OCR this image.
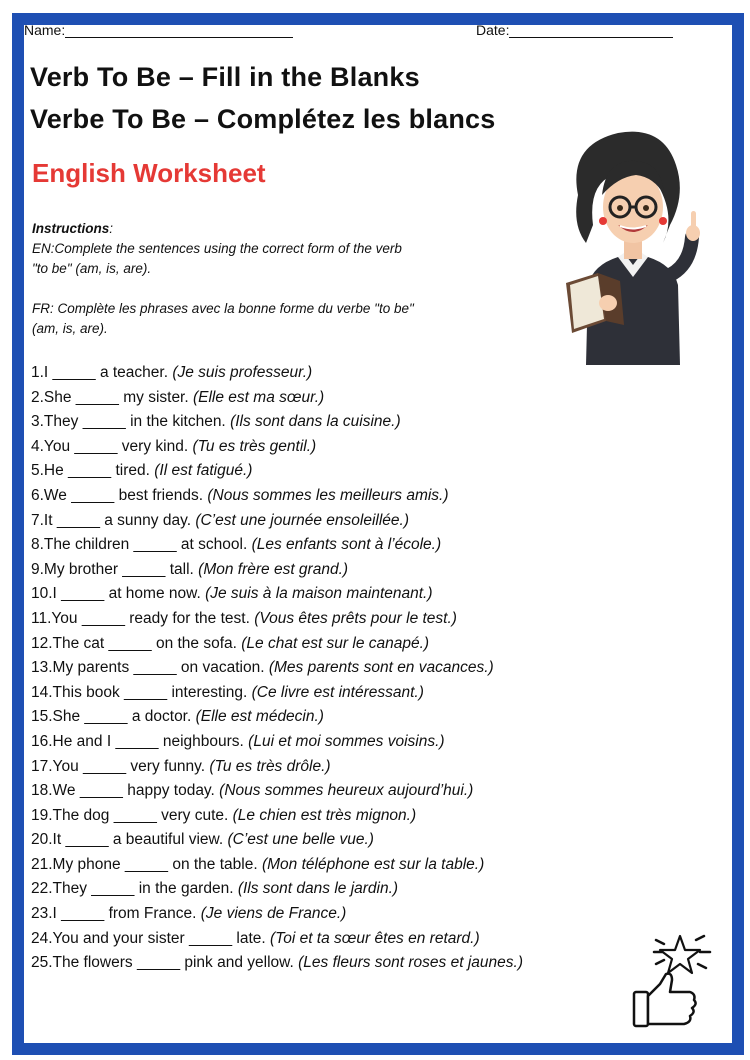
Name:	Date:
Verb To Be – Fill in the Blanks
Verbe To Be – Complétez les blancs
English Worksheet

Instructions:

EN:Complete the sentences using the correct form of the verb

"to be" (am, is, are).

FR: Complète les phrases avec la bonne forme du verbe "to be"

(am, is, are).

1.I _____ a teacher. (Je suis professeur.)
2.She _____ my sister. (Elle est ma sœur.)
3.They _____ in the kitchen. (Ils sont dans la cuisine.)
4.You _____ very kind. (Tu es très gentil.)
5.He _____ tired. (Il est fatigué.)
6.We _____ best friends. (Nous sommes les meilleurs amis.)
7.It _____ a sunny day. (C’est une journée ensoleillée.)
8.The children _____ at school. (Les enfants sont à l’école.)
9.My brother _____ tall. (Mon frère est grand.)
10.I _____ at home now. (Je suis à la maison maintenant.)
11.You _____ ready for the test. (Vous êtes prêts pour le test.)
12.The cat _____ on the sofa. (Le chat est sur le canapé.)
13.My parents _____ on vacation. (Mes parents sont en vacances.)
14.This book _____ interesting. (Ce livre est intéressant.)
15.She _____ a doctor. (Elle est médecin.)
16.He and I _____ neighbours. (Lui et moi sommes voisins.)
17.You _____ very funny. (Tu es très drôle.)
18.We _____ happy today. (Nous sommes heureux aujourd’hui.)
19.The dog _____ very cute. (Le chien est très mignon.)
20.It _____ a beautiful view. (C’est une belle vue.)
21.My phone _____ on the table. (Mon téléphone est sur la table.)
22.They _____ in the garden. (Ils sont dans le jardin.)
23.I _____ from France. (Je viens de France.)
24.You and your sister _____ late. (Toi et ta sœur êtes en retard.)
25.The flowers _____ pink and yellow. (Les fleurs sont roses et jaunes.)
